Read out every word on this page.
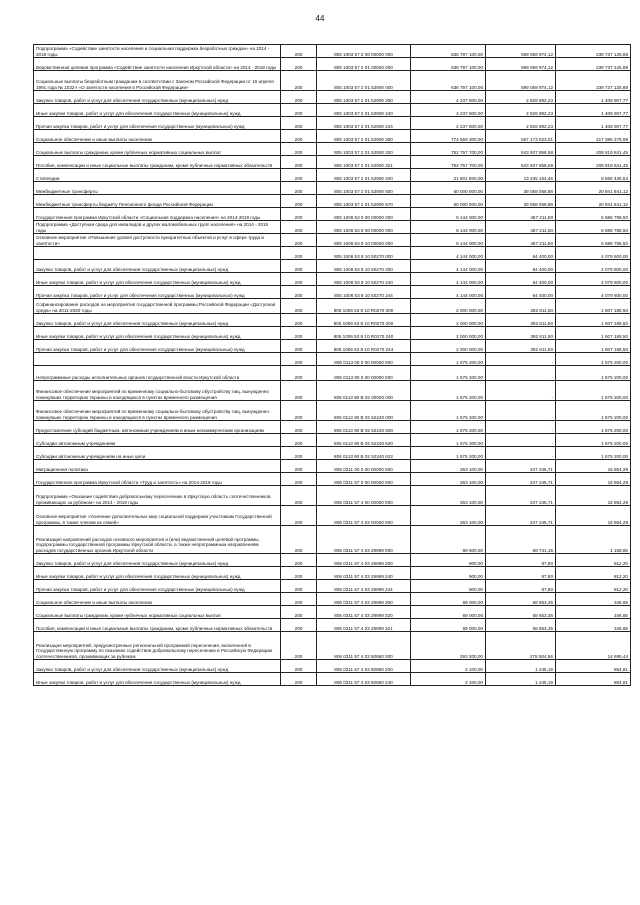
44
Подпрограмма «Содействие занятости населения и социальная поддержка безработных граждан» на 2014 - 2018 годы	200	805 1003 57 2 00 00000 000	636 797 100,00	599 059 974,12	239 737 125,88
Ведомственная целевая программа «Содействие занятости населения Иркутской области» на 2014 - 2018 годы	200	805 1003 57 2 01 00000 000	636 797 100,00	599 059 974,12	239 737 125,88
Социальные выплаты безработным гражданам в соответствии с Законом Российской Федерации от 19 апреля 1991 года № 1032-I «О занятости населения в Российской Федерации»	200	805 1003 57 2 01 52900 000	636 797 100,00	599 059 974,12	239 737 125,88
Закупка товаров, работ и услуг для обеспечения государственных (муниципальных) нужд	200	805 1003 57 2 01 52900 200	4 237 800,00	2 828 892,23	1 408 907,77
Иные закупки товаров, работ и услуг для обеспечения государственных (муниципальных) нужд	200	805 1003 57 2 01 52900 240	4 237 800,00	2 828 892,23	1 408 907,77
Прочая закупка товаров, работ и услуг для обеспечения государственных (муниципальных) нужд	200	805 1003 57 2 01 52900 244	4 237 800,00	2 828 892,23	1 408 907,77
Социальное обеспечение и иные выплаты населению	200	805 1003 57 2 01 52900 300	774 559 300,00	557 173 023,01	217 386 276,99
Социальные выплаты гражданам, кроме публичных нормативных социальных выплат	200	805 1003 57 2 01 52900 320	752 757 700,00	543 937 858,58	208 819 841,45
Пособия, компенсации и иные социальные выплаты гражданам, кроме публичных нормативных обязательств	200	805 1003 57 2 01 52900 321	752 757 700,00	543 937 858,58	208 819 841,45
Стипендии	200	805 1003 57 2 01 52900 340	21 801 600,00	13 235 164,46	8 566 435,54
Межбюджетные трансферты	200	805 1003 57 2 01 52900 500	60 000 000,00	39 058 058,88	20 941 941,12
Межбюджетные трансферты бюджету Пенсионного фонда Российской Федерации	200	805 1003 57 2 01 52900 570	60 000 000,00	39 058 058,88	20 941 941,12
Государственная программа Иркутской области «Социальная поддержка населения» на 2014-2018 годы	200	805 1006 53 0 00 00000 000	6 144 000,00	457 211,50	5 686 788,50
Подпрограмма «Доступная среда для инвалидов и других маломобильных групп населения» на 2014 - 2018 годы	200	805 1006 53 8 00 00000 000	6 144 000,00	457 211,50	5 686 788,50
Основное мероприятие «Повышение уровня доступности приоритетных объектов и услуг в сфере труда и занятости»	200	805 1006 53 8 10 00000 000	6 144 000,00	457 211,50	5 686 788,50
	200	805 1006 53 8 10 50270 000	4 144 000,00	64 400,00	4 079 600,00
Закупка товаров, работ и услуг для обеспечения государственных (муниципальных) нужд	200	805 1006 53 8 10 50270 200	4 144 000,00	64 400,00	4 079 600,00
Иные закупки товаров, работ и услуг для обеспечения государственных (муниципальных) нужд	200	805 1006 53 8 10 50270 240	4 144 000,00	64 400,00	4 079 600,00
Прочая закупка товаров, работ и услуг для обеспечения государственных (муниципальных) нужд	200	805 1006 53 8 10 50270 244	4 144 000,00	64 400,00	4 079 600,00
Софинансирование расходов на мероприятия государственной программы Российской Федерации «Доступная среда» на 2011-2020 годы	200	805 1006 53 8 10 R0270 000	2 000 000,00	392 811,50	1 607 188,50
Закупка товаров, работ и услуг для обеспечения государственных (муниципальных) нужд	200	805 1006 53 8 10 R0270 200	2 000 000,00	392 811,50	1 607 188,50
Иные закупки товаров, работ и услуг для обеспечения государственных (муниципальных) нужд	200	805 1006 53 8 10 R0270 240	2 000 000,00	392 811,50	1 607 188,50
Прочая закупка товаров, работ и услуг для обеспечения государственных (муниципальных) нужд	200	805 1006 53 8 10 R0270 244	2 000 000,00	392 811,50	1 607 188,50
	200	806 0113 00 0 00 00000 000	1 675 200,00	-	1 675 200,00
Непрограммные расходы исполнительных органов государственной власти Иркутской области	200	806 0113 90 0 00 00000 000	1 675 200,00	-	1 675 200,00
Финансовое обеспечение мероприятий по временному социально-бытовому обустройству лиц, вынужденно покинувших территорию Украины и находящихся в пунктах временного размещения	200	806 0113 90 В 02 00000 000	1 675 200,00	-	1 675 200,00
Финансовое обеспечение мероприятий по временному социально-бытовому обустройству лиц, вынужденно покинувших территорию Украины и находящихся в пунктах временного размещения	200	806 0113 90 В 02 52240 000	1 675 200,00	-	1 675 200,00
Предоставление субсидий бюджетным, автономным учреждениям и иным некоммерческим организациям	200	806 0113 90 В 02 52240 600	1 675 200,00	-	1 675 200,00
Субсидии автономным учреждениям	200	806 0113 90 В 02 52240 620	1 675 200,00	-	1 675 200,00
Субсидии автономным учреждениям на иные цели	200	806 0113 90 В 02 52240 622	1 675 200,00	-	1 675 200,00
Миграционная политика	200	806 0311 00 0 00 00000 000	363 100,00	347 245,71	15 854,29
Государственная программа Иркутской области «Труд и занятость» на 2014-2018 годы	200	806 0311 57 0 00 00000 000	363 100,00	347 245,71	15 854,29
Подпрограмма «Оказание содействия добровольному переселению в Иркутскую область соотечественников, проживающих за рубежом» на 2014 - 2018 годы	200	806 0311 57 4 00 00000 000	363 100,00	347 245,71	15 854,29
Основное мероприятие «Усиление дополнительных мер социальной поддержки участникам Государственной программы, в также членам их семей»	200	806 0311 57 4 03 00000 000	363 100,00	347 245,71	15 854,29
Реализация направлений расходов основного мероприятия и (или) ведомственной целевой программы, подпрограммы государственной программы Иркутской области, а также непрограммным направлениям расходов государственных органов Иркутской области	200	806 0311 57 4 03 29999 000	69 900,00	68 741,15	1 158,85
Закупка товаров, работ и услуг для обеспечения государственных (муниципальных) нужд	200	806 0311 57 4 03 29999 200	900,00	87,80	812,20
Иные закупки товаров, работ и услуг для обеспечения государственных (муниципальных) нужд	200	806 0311 57 4 03 29999 240	900,00	87,80	812,20
Прочая закупка товаров, работ и услуг для обеспечения государственных (муниципальных) нужд	200	806 0311 57 4 03 29999 244	900,00	87,80	812,20
Социальное обеспечение и иные выплаты населению	200	806 0311 57 4 03 29999 300	69 000,00	68 653,35	346,65
Социальные выплаты гражданам, кроме публичных нормативных социальных выплат	200	806 0311 57 4 03 29999 320	69 000,00	68 653,35	346,65
Пособия, компенсации и иные социальные выплаты гражданам, кроме публичных нормативных обязательств	200	806 0311 57 4 03 29999 321	69 000,00	68 653,35	346,65
Реализация мероприятий, предусмотренных региональной программой переселения, включенной в Государственную программу по оказанию содействия добровольному переселению в Российскую Федерацию соотечественников, проживающих за рубежом	200	806 0311 57 4 03 50860 000	293 200,00	278 504,56	14 695,44
Закупка товаров, работ и услуг для обеспечения государственных (муниципальных) нужд	200	806 0311 57 4 03 50860 200	2 100,00	1 245,19	854,81
Иные закупки товаров, работ и услуг для обеспечения государственных (муниципальных) нужд	200	806 0311 57 4 03 50860 240	2 100,00	1 245,19	854,81
